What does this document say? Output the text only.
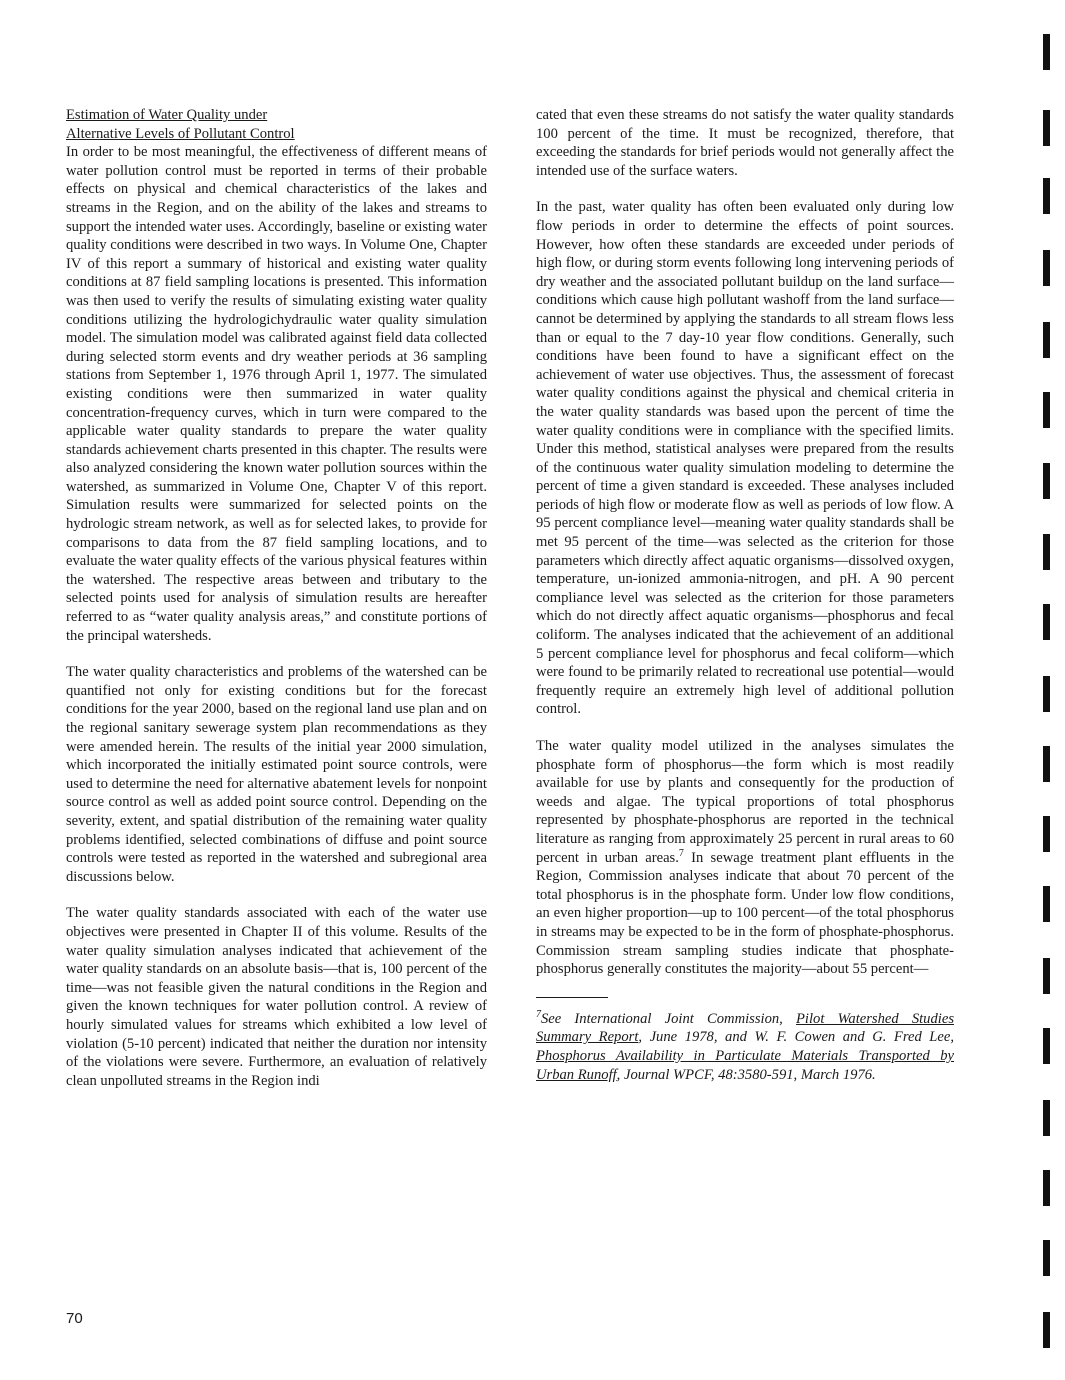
Estimation of Water Quality under
Alternative Levels of Pollutant Control

In order to be most meaningful, the effectiveness of different means of water pollution control must be reported in terms of their probable effects on physical and chemical characteristics of the lakes and streams in the Region, and on the ability of the lakes and streams to support the intended water uses. Accordingly, baseline or existing water quality conditions were described in two ways. In Volume One, Chapter IV of this report a summary of historical and existing water quality conditions at 87 field sampling locations is presented. This information was then used to verify the results of simulating existing water quality conditions utilizing the hydrologichydraulic water quality simulation model. The simulation model was calibrated against field data collected during selected storm events and dry weather periods at 36 sampling stations from September 1, 1976 through April 1, 1977. The simulated existing conditions were then summarized in water quality concentration-frequency curves, which in turn were compared to the applicable water quality standards to prepare the water quality standards achievement charts presented in this chapter. The results were also analyzed considering the known water pollution sources within the watershed, as summarized in Volume One, Chapter V of this report. Simulation results were summarized for selected points on the hydrologic stream network, as well as for selected lakes, to provide for comparisons to data from the 87 field sampling locations, and to evaluate the water quality effects of the various physical features within the watershed. The respective areas between and tributary to the selected points used for analysis of simulation results are hereafter referred to as “water quality analysis areas,” and constitute portions of the principal watersheds.

The water quality characteristics and problems of the watershed can be quantified not only for existing conditions but for the forecast conditions for the year 2000, based on the regional land use plan and on the regional sanitary sewerage system plan recommendations as they were amended herein. The results of the initial year 2000 simulation, which incorporated the initially estimated point source controls, were used to determine the need for alternative abatement levels for nonpoint source control as well as added point source control. Depending on the severity, extent, and spatial distribution of the remaining water quality problems identified, selected combinations of diffuse and point source controls were tested as reported in the watershed and subregional area discussions below.

The water quality standards associated with each of the water use objectives were presented in Chapter II of this volume. Results of the water quality simulation analyses indicated that achievement of the water quality standards on an absolute basis—that is, 100 percent of the time—was not feasible given the natural conditions in the Region and given the known techniques for water pollution control. A review of hourly simulated values for streams which exhibited a low level of violation (5-10 percent) indicated that neither the duration nor intensity of the violations were severe. Furthermore, an evaluation of relatively clean unpolluted streams in the Region indi

cated that even these streams do not satisfy the water quality standards 100 percent of the time. It must be recognized, therefore, that exceeding the standards for brief periods would not generally affect the intended use of the surface waters.

In the past, water quality has often been evaluated only during low flow periods in order to determine the effects of point sources. However, how often these standards are exceeded under periods of high flow, or during storm events following long intervening periods of dry weather and the associated pollutant buildup on the land surface—conditions which cause high pollutant washoff from the land surface—cannot be determined by applying the standards to all stream flows less than or equal to the 7 day-10 year flow conditions. Generally, such conditions have been found to have a significant effect on the achievement of water use objectives. Thus, the assessment of forecast water quality conditions against the physical and chemical criteria in the water quality standards was based upon the percent of time the water quality conditions were in compliance with the specified limits. Under this method, statistical analyses were prepared from the results of the continuous water quality simulation modeling to determine the percent of time a given standard is exceeded. These analyses included periods of high flow or moderate flow as well as periods of low flow. A 95 percent compliance level—meaning water quality standards shall be met 95 percent of the time—was selected as the criterion for those parameters which directly affect aquatic organisms—dissolved oxygen, temperature, un-ionized ammonia-nitrogen, and pH. A 90 percent compliance level was selected as the criterion for those parameters which do not directly affect aquatic organisms—phosphorus and fecal coliform. The analyses indicated that the achievement of an additional 5 percent compliance level for phosphorus and fecal coliform—which were found to be primarily related to recreational use potential—would frequently require an extremely high level of additional pollution control.

The water quality model utilized in the analyses simulates the phosphate form of phosphorus—the form which is most readily available for use by plants and consequently for the production of weeds and algae. The typical proportions of total phosphorus represented by phosphate-phosphorus are reported in the technical literature as ranging from approximately 25 percent in rural areas to 60 percent in urban areas.$^7$ In sewage treatment plant effluents in the Region, Commission analyses indicate that about 70 percent of the total phosphorus is in the phosphate form. Under low flow conditions, an even higher proportion—up to 100 percent—of the total phosphorus in streams may be expected to be in the form of phosphate-phosphorus. Commission stream sampling studies indicate that phosphate-phosphorus generally constitutes the majority—about 55 percent—

$^7$See International Joint Commission, Pilot Watershed Studies Summary Report, June 1978, and W. F. Cowen and G. Fred Lee, Phosphorus Availability in Particulate Materials Transported by Urban Runoff, Journal WPCF, 48:3580-591, March 1976.

70
